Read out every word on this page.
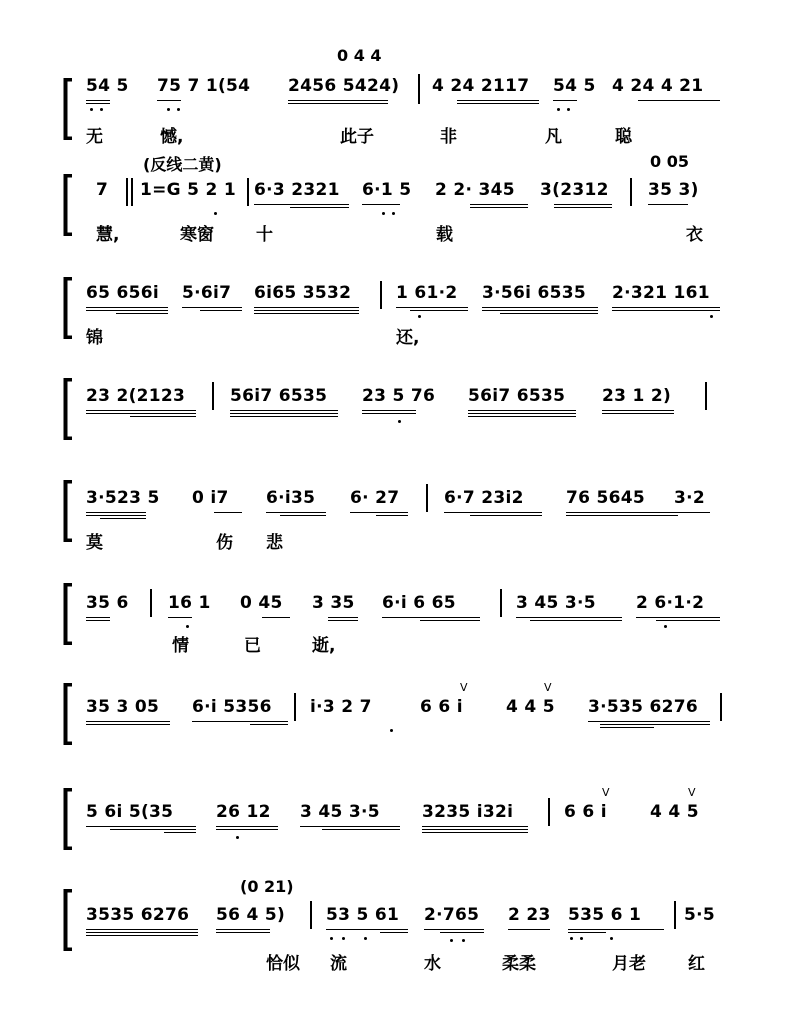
0 4 4
54 5 75 7 1(54 2456 5424) 4 24 2117 54 5 4 24 4 21
无	憾,	此子	非	凡	聪
(反线二黄)	0 05
7 1=G 5 2 1 6·3 2321 6·1 5 2 2· 345 3(2312 35 3)
慧,	寒窗 十	载	衣
65 656i 5·6i7 6i65 3532	1 61·2 3·56i 6535 2·321 161
锦	还,
23 2(2123	56i7 6535 23 5 76 56i7 6535 23 1 2)
3·523 5 0 i7 6·i35 6· 27	6·7 23i2 76 5645 3·2
莫	伤 悲
35 6 16 1 0 45 3 35 6·i 6 65	3 45 3·5 2 6·1·2
情	已	逝,
V	V
35 3 05 6·i 5356 i·3 2 7	6 6 i	4 4 5 3·535 6276
V	V
5 6i 5(35	26 12 3 45 3·5 3235 i32i	6 6 i	4 4 5
(0 21)
3535 6276 56 4 5) 53 5 61 2·765 2 23 535 6 1	5·5
恰似 流	水	柔柔	月老 红
